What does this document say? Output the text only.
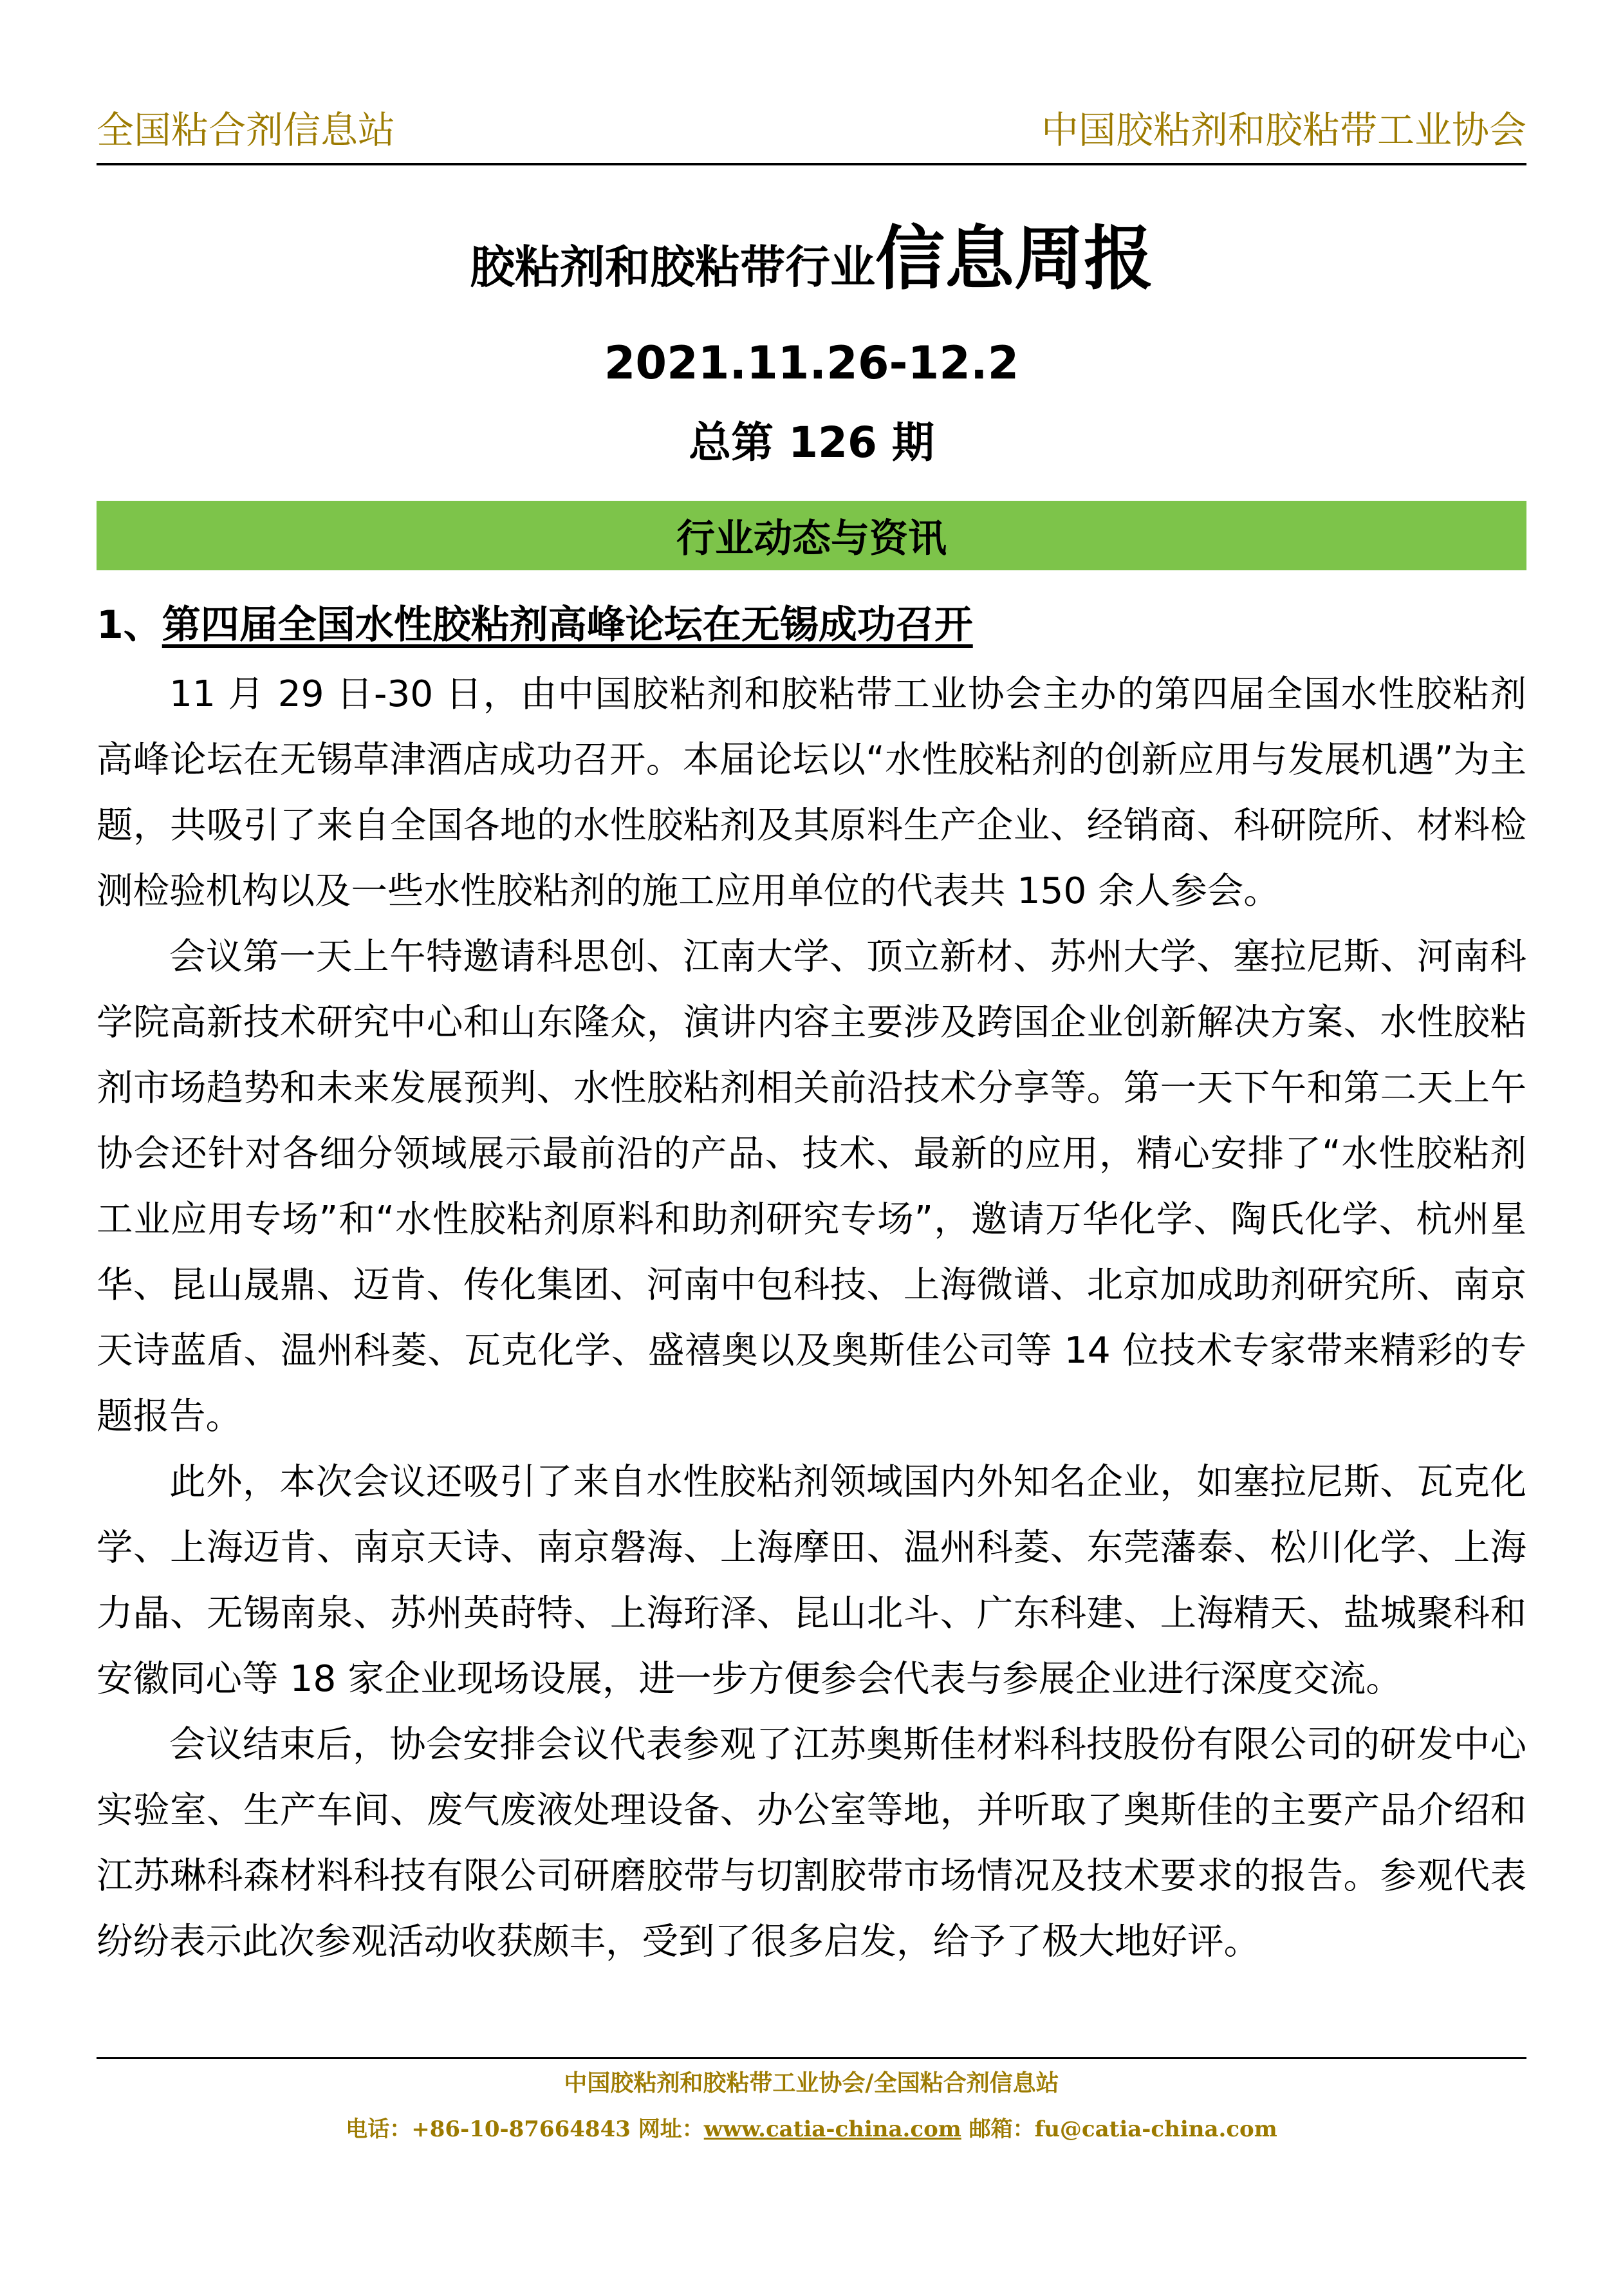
全国粘合剂信息站	中国胶粘剂和胶粘带工业协会
胶粘剂和胶粘带行业信息周报
2021.11.26-12.2
总第 126 期
行业动态与资讯
1、第四届全国水性胶粘剂高峰论坛在无锡成功召开

11 月 29 日-30 日，由中国胶粘剂和胶粘带工业协会主办的第四届全国水性胶粘剂高峰论坛在无锡草津酒店成功召开。本届论坛以“水性胶粘剂的创新应用与发展机遇”为主题，共吸引了来自全国各地的水性胶粘剂及其原料生产企业、经销商、科研院所、材料检测检验机构以及一些水性胶粘剂的施工应用单位的代表共 150 余人参会。

会议第一天上午特邀请科思创、江南大学、顶立新材、苏州大学、塞拉尼斯、河南科学院高新技术研究中心和山东隆众，演讲内容主要涉及跨国企业创新解决方案、水性胶粘剂市场趋势和未来发展预判、水性胶粘剂相关前沿技术分享等。第一天下午和第二天上午协会还针对各细分领域展示最前沿的产品、技术、最新的应用，精心安排了“水性胶粘剂工业应用专场”和“水性胶粘剂原料和助剂研究专场”，邀请万华化学、陶氏化学、杭州星华、昆山晟鼎、迈肯、传化集团、河南中包科技、上海微谱、北京加成助剂研究所、南京天诗蓝盾、温州科菱、瓦克化学、盛禧奥以及奥斯佳公司等 14 位技术专家带来精彩的专题报告。

此外，本次会议还吸引了来自水性胶粘剂领域国内外知名企业，如塞拉尼斯、瓦克化学、上海迈肯、南京天诗、南京磐海、上海摩田、温州科菱、东莞藩泰、松川化学、上海力晶、无锡南泉、苏州英莳特、上海珩泽、昆山北斗、广东科建、上海精天、盐城聚科和安徽同心等 18 家企业现场设展，进一步方便参会代表与参展企业进行深度交流。

会议结束后，协会安排会议代表参观了江苏奥斯佳材料科技股份有限公司的研发中心实验室、生产车间、废气废液处理设备、办公室等地，并听取了奥斯佳的主要产品介绍和江苏琳科森材料科技有限公司研磨胶带与切割胶带市场情况及技术要求的报告。参观代表纷纷表示此次参观活动收获颇丰，受到了很多启发，给予了极大地好评。

中国胶粘剂和胶粘带工业协会/全国粘合剂信息站
电话：+86-10-87664843 网址：www.catia-china.com 邮箱：fu@catia-china.com
